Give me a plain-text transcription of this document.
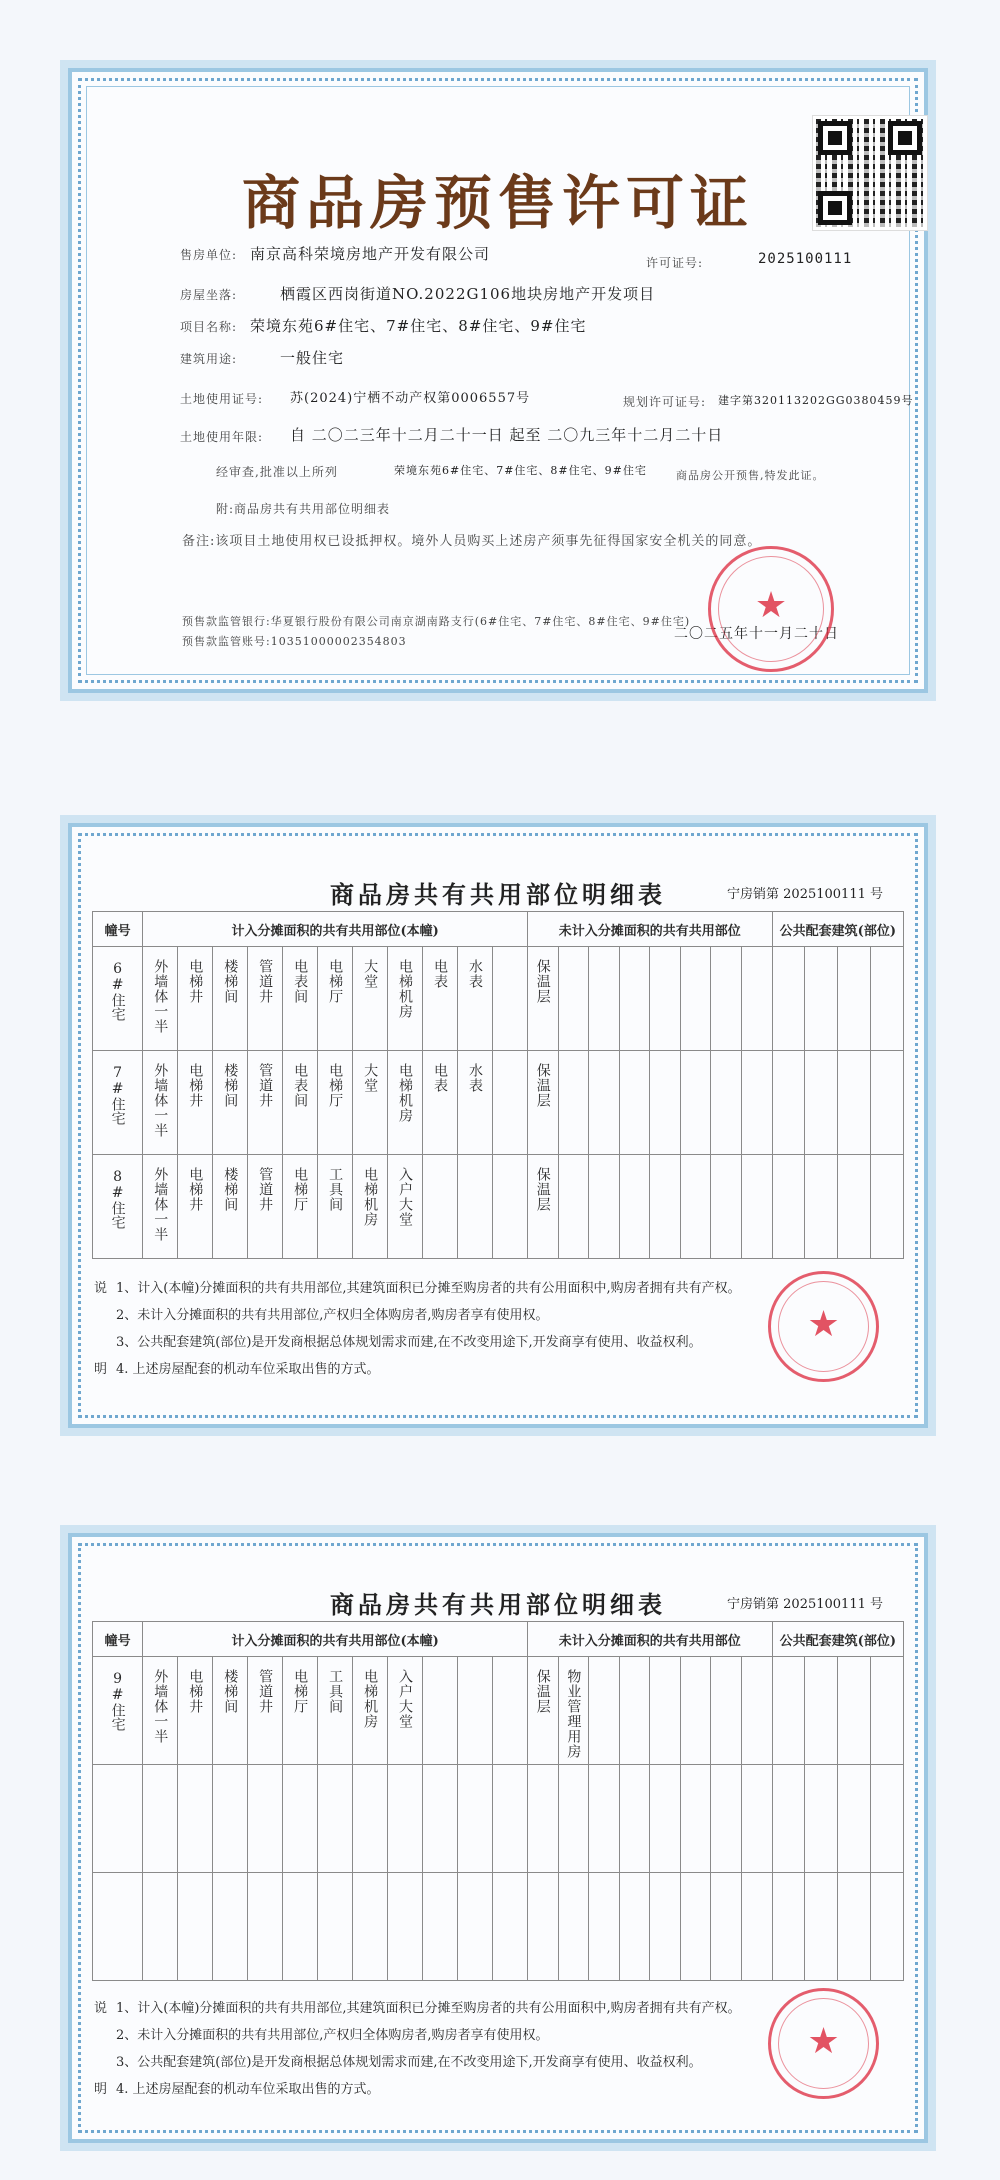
商品房预售许可证
售房单位: 南京高科荣境房地产开发有限公司	许可证号:	2025100111
房屋坐落:	栖霞区西岗街道NO.2022G106地块房地产开发项目
项目名称: 荣境东苑6#住宅、7#住宅、8#住宅、9#住宅
建筑用途:	一般住宅
土地使用证号: 苏(2024)宁栖不动产权第0006557号	规划许可证号: 建字第320113202GG0380459号
土地使用年限: 自 二〇二三年十二月二十一日 起至 二〇九三年十二月二十日
经审查,批准以上所列	荣境东苑6#住宅、7#住宅、8#住宅、9#住宅	商品房公开预售,特发此证。
附:商品房共有共用部位明细表
备注:该项目土地使用权已设抵押权。境外人员购买上述房产须事先征得国家安全机关的同意。
预售款监管银行:华夏银行股份有限公司南京湖南路支行(6#住宅、7#住宅、8#住宅、9#住宅)
预售款监管账号:10351000002354803	二〇二五年十一月二十日
★
商品房共有共用部位明细表	宁房销第 2025100111 号
幢号	计入分摊面积的共有共用部位(本幢)											未计入分摊面积的共有共用部位								公共配套建筑(部位)			
6#住宅	外墙体一半	电梯井	楼梯间	管道井	电表间	电梯厅	大堂	电梯机房	电表	水表		保温层											
7#住宅	外墙体一半	电梯井	楼梯间	管道井	电表间	电梯厅	大堂	电梯机房	电表	水表		保温层											
8#住宅	外墙体一半	电梯井	楼梯间	管道井	电梯厅	工具间	电梯机房	入户大堂				保温层											
说
明
1、计入(本幢)分摊面积的共有共用部位,其建筑面积已分摊至购房者的共有公用面积中,购房者拥有共有产权。
2、未计入分摊面积的共有共用部位,产权归全体购房者,购房者享有使用权。
3、公共配套建筑(部位)是开发商根据总体规划需求而建,在不改变用途下,开发商享有使用、收益权利。
4. 上述房屋配套的机动车位采取出售的方式。
★
商品房共有共用部位明细表	宁房销第 2025100111 号
幢号	计入分摊面积的共有共用部位(本幢)											未计入分摊面积的共有共用部位								公共配套建筑(部位)			
9#住宅	外墙体一半	电梯井	楼梯间	管道井	电梯厅	工具间	电梯机房	入户大堂				保温层	物业管理用房										

说
明
1、计入(本幢)分摊面积的共有共用部位,其建筑面积已分摊至购房者的共有公用面积中,购房者拥有共有产权。
2、未计入分摊面积的共有共用部位,产权归全体购房者,购房者享有使用权。
3、公共配套建筑(部位)是开发商根据总体规划需求而建,在不改变用途下,开发商享有使用、收益权利。
4. 上述房屋配套的机动车位采取出售的方式。
★
